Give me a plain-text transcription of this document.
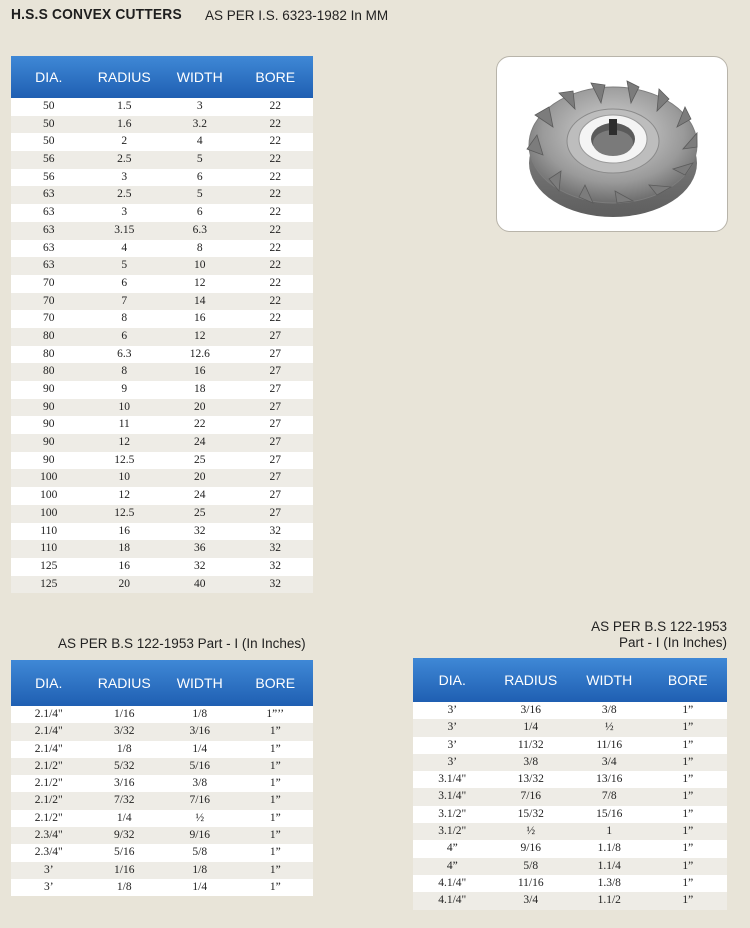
H.S.S CONVEX CUTTERS AS PER I.S. 6323-1982 In MM
DIA.	RADIUS	WIDTH	BORE
50	1.5	3	22
50	1.6	3.2	22
50	2	4	22
56	2.5	5	22
56	3	6	22
63	2.5	5	22
63	3	6	22
63	3.15	6.3	22
63	4	8	22
63	5	10	22
70	6	12	22
70	7	14	22
70	8	16	22
80	6	12	27
80	6.3	12.6	27
80	8	16	27
90	9	18	27
90	10	20	27
90	11	22	27
90	12	24	27
90	12.5	25	27
100	10	20	27
100	12	24	27
100	12.5	25	27
110	16	32	32
110	18	36	32
125	16	32	32
125	20	40	32
AS PER B.S 122-1953 Part - I (In Inches)
DIA.	RADIUS	WIDTH	BORE
2.1/4"	1/16	1/8	1”’’
2.1/4"	3/32	3/16	1”
2.1/4"	1/8	1/4	1”
2.1/2"	5/32	5/16	1”
2.1/2"	3/16	3/8	1”
2.1/2"	7/32	7/16	1”
2.1/2"	1/4	½	1”
2.3/4"	9/32	9/16	1”
2.3/4"	5/16	5/8	1”
3’	1/16	1/8	1”
3’	1/8	1/4	1”
AS PER B.S 122-1953
Part - I (In Inches)
DIA.	RADIUS	WIDTH	BORE
3’	3/16	3/8	1”
3’	1/4	½	1”
3’	11/32	11/16	1”
3’	3/8	3/4	1”
3.1/4"	13/32	13/16	1”
3.1/4"	7/16	7/8	1”
3.1/2"	15/32	15/16	1”
3.1/2"	½	1	1”
4”	9/16	1.1/8	1”
4”	5/8	1.1/4	1”
4.1/4"	11/16	1.3/8	1”
4.1/4"	3/4	1.1/2	1”
